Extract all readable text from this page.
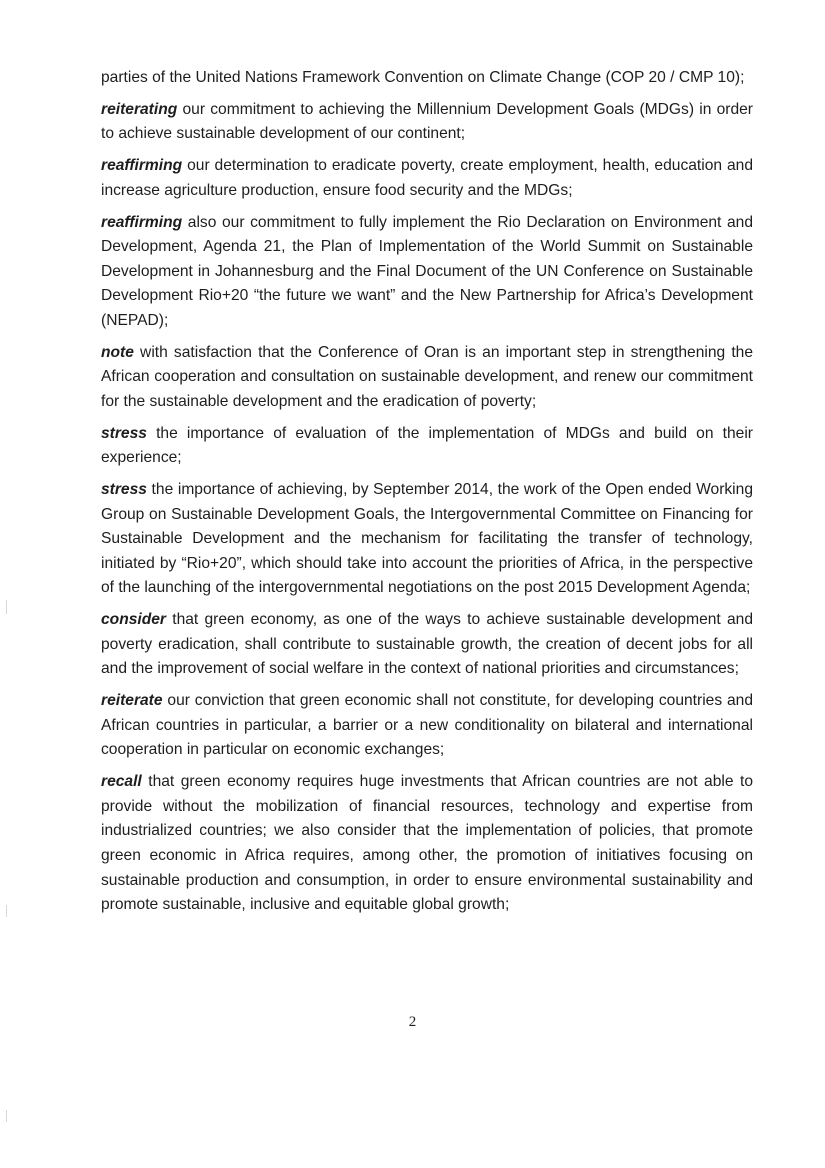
parties of the United Nations Framework Convention on Climate Change (COP 20 / CMP 10);

reiterating our commitment to achieving the Millennium Development Goals (MDGs) in order to achieve sustainable development of our continent;

reaffirming our determination to eradicate poverty, create employment, health, education and increase agriculture production, ensure food security and the MDGs;

reaffirming also our commitment to fully implement the Rio Declaration on Environment and Development, Agenda 21, the Plan of Implementation of the World Summit on Sustainable Development in Johannesburg and the Final Document of the UN Conference on Sustainable Development Rio+20 “the future we want” and the New Partnership for Africa’s Development (NEPAD);

note with satisfaction that the Conference of Oran is an important step in strengthening the African cooperation and consultation on sustainable development, and renew our commitment for the sustainable development and the eradication of poverty;

stress the importance of evaluation of the implementation of MDGs and build on their experience;

stress the importance of achieving, by September 2014, the work of the Open ended Working Group on Sustainable Development Goals, the Intergovernmental Committee on Financing for Sustainable Development and the mechanism for facilitating the transfer of technology, initiated by “Rio+20”, which should take into account the priorities of Africa, in the perspective of the launching of the intergovernmental negotiations on the post 2015 Development Agenda;

consider that green economy, as one of the ways to achieve sustainable development and poverty eradication, shall contribute to sustainable growth, the creation of decent jobs for all and the improvement of social welfare in the context of national priorities and circumstances;

reiterate our conviction that green economic shall not constitute, for developing countries and African countries in particular, a barrier or a new conditionality on bilateral and international cooperation in particular on economic exchanges;

recall that green economy requires huge investments that African countries are not able to provide without the mobilization of financial resources, technology and expertise from industrialized countries; we also consider that the implementation of policies, that promote green economic in Africa requires, among other, the promotion of initiatives focusing on sustainable production and consumption, in order to ensure environmental sustainability and promote sustainable, inclusive and equitable global growth;

2
